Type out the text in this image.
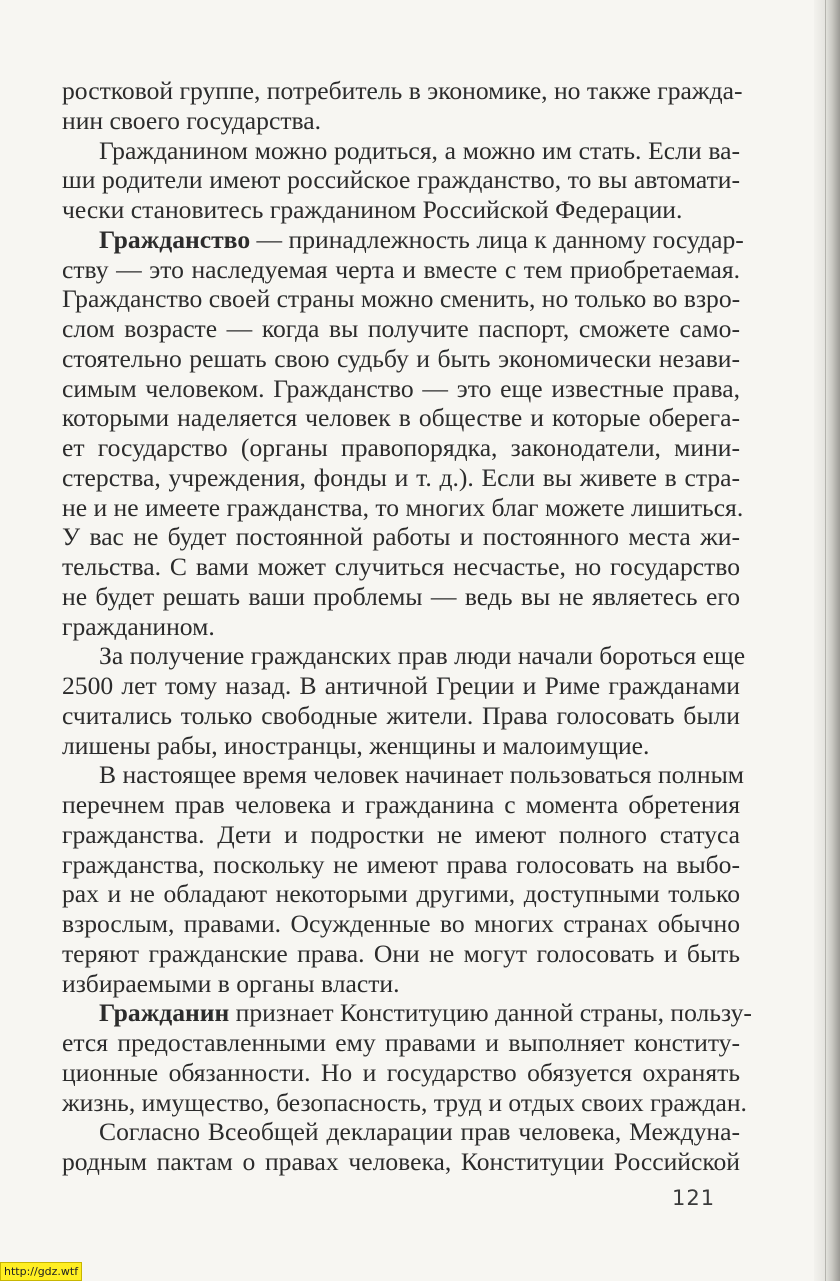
ростковой группе, потребитель в экономике, но также гражда-
нин своего государства.
Гражданином можно родиться, а можно им стать. Если ва-
ши родители имеют российское гражданство, то вы автомати-
чески становитесь гражданином Российской Федерации.
Гражданство — принадлежность лица к данному государ-
ству — это наследуемая черта и вместе с тем приобретаемая.
Гражданство своей страны можно сменить, но только во взро-
слом возрасте — когда вы получите паспорт, сможете само-
стоятельно решать свою судьбу и быть экономически незави-
симым человеком. Гражданство — это еще известные права,
которыми наделяется человек в обществе и которые оберега-
ет государство (органы правопорядка, законодатели, мини-
стерства, учреждения, фонды и т. д.). Если вы живете в стра-
не и не имеете гражданства, то многих благ можете лишиться.
У вас не будет постоянной работы и постоянного места жи-
тельства. С вами может случиться несчастье, но государство
не будет решать ваши проблемы — ведь вы не являетесь его
гражданином.
За получение гражданских прав люди начали бороться еще
2500 лет тому назад. В античной Греции и Риме гражданами
считались только свободные жители. Права голосовать были
лишены рабы, иностранцы, женщины и малоимущие.
В настоящее время человек начинает пользоваться полным
перечнем прав человека и гражданина с момента обретения
гражданства. Дети и подростки не имеют полного статуса
гражданства, поскольку не имеют права голосовать на выбо-
рах и не обладают некоторыми другими, доступными только
взрослым, правами. Осужденные во многих странах обычно
теряют гражданские права. Они не могут голосовать и быть
избираемыми в органы власти.
Гражданин признает Конституцию данной страны, пользу-
ется предоставленными ему правами и выполняет конститу-
ционные обязанности. Но и государство обязуется охранять
жизнь, имущество, безопасность, труд и отдых своих граждан.
Согласно Всеобщей декларации прав человека, Междуна-
родным пактам о правах человека, Конституции Российской
121
http://gdz.wtf
